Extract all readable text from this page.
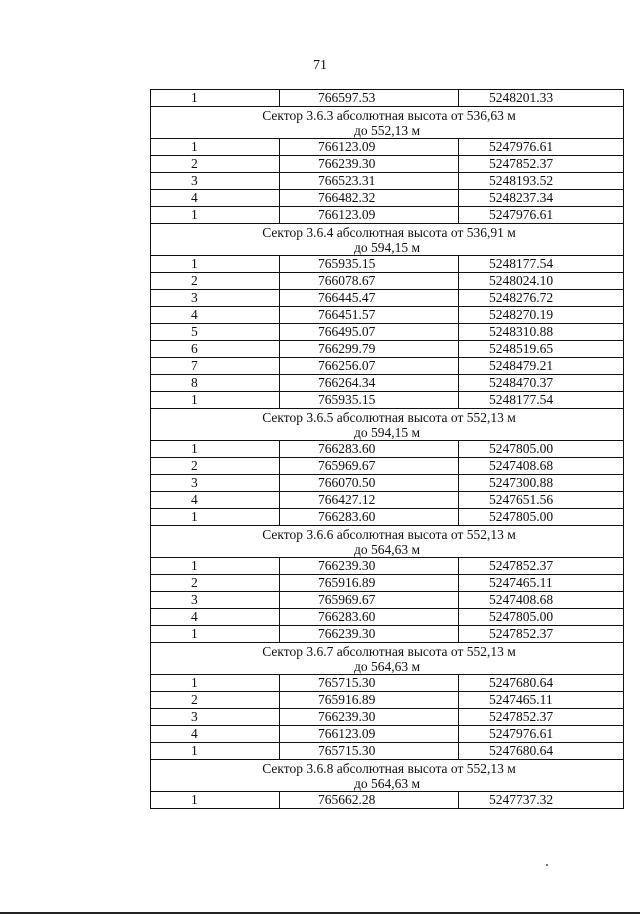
71
1	766597.53	5248201.33

Сектор 3.6.3 абсолютная высота от 536,63 м
до 552,13 м		

1	766123.09	5247976.61
2	766239.30	5247852.37
3	766523.31	5248193.52
4	766482.32	5248237.34
1	766123.09	5247976.61

Сектор 3.6.4 абсолютная высота от 536,91 м
до 594,15 м		

1	765935.15	5248177.54
2	766078.67	5248024.10
3	766445.47	5248276.72
4	766451.57	5248270.19
5	766495.07	5248310.88
6	766299.79	5248519.65
7	766256.07	5248479.21
8	766264.34	5248470.37
1	765935.15	5248177.54

Сектор 3.6.5 абсолютная высота от 552,13 м
до 594,15 м		

1	766283.60	5247805.00
2	765969.67	5247408.68
3	766070.50	5247300.88
4	766427.12	5247651.56
1	766283.60	5247805.00

Сектор 3.6.6 абсолютная высота от 552,13 м
до 564,63 м		

1	766239.30	5247852.37
2	765916.89	5247465.11
3	765969.67	5247408.68
4	766283.60	5247805.00
1	766239.30	5247852.37

Сектор 3.6.7 абсолютная высота от 552,13 м
до 564,63 м		

1	765715.30	5247680.64
2	765916.89	5247465.11
3	766239.30	5247852.37
4	766123.09	5247976.61
1	765715.30	5247680.64

Сектор 3.6.8 абсолютная высота от 552,13 м
до 564,63 м		

1	765662.28	5247737.32
